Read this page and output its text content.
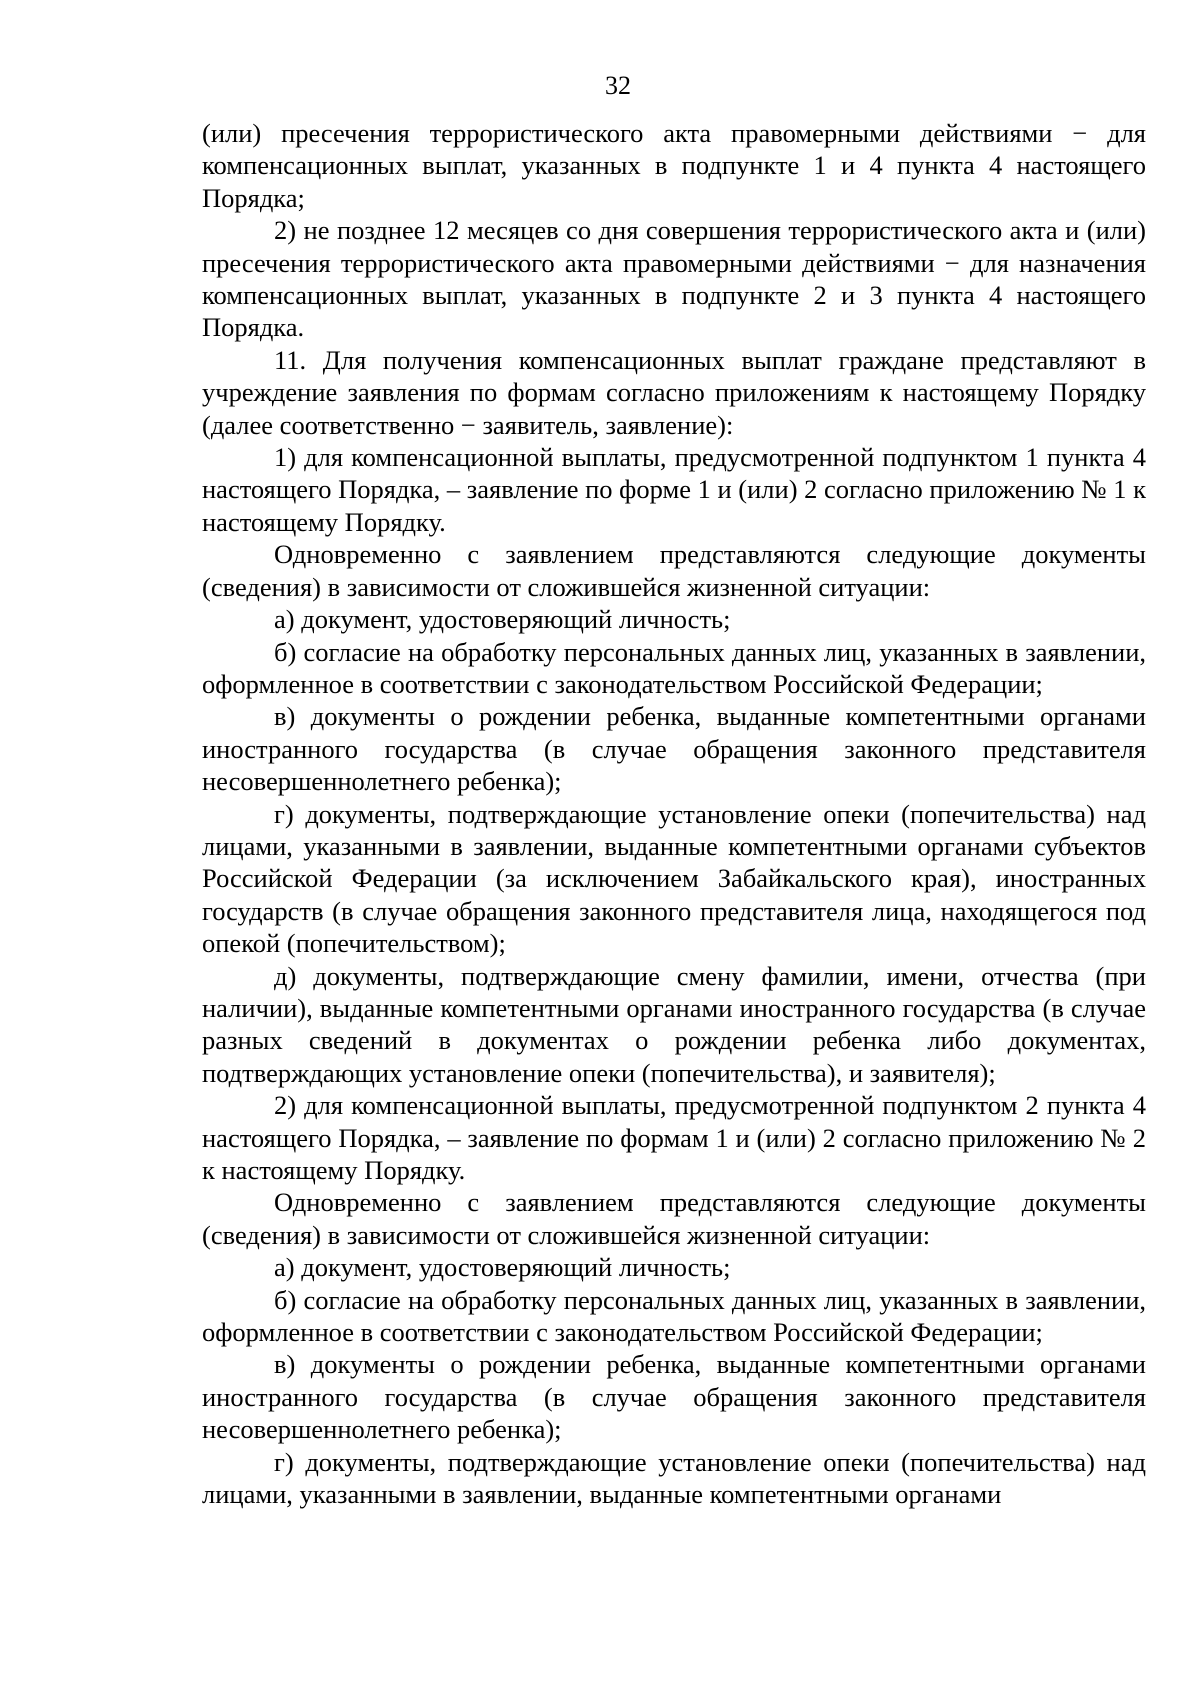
32

(или) пресечения террористического акта правомерными действиями − для компенсационных выплат, указанных в подпункте 1 и 4 пункта 4 настоящего Порядка;

2) не позднее 12 месяцев со дня совершения террористического акта и (или) пресечения террористического акта правомерными действиями − для назначения компенсационных выплат, указанных в подпункте 2 и 3 пункта 4 настоящего Порядка.

11. Для получения компенсационных выплат граждане представляют в учреждение заявления по формам согласно приложениям к настоящему Порядку (далее соответственно − заявитель, заявление):

1) для компенсационной выплаты, предусмотренной подпунктом 1 пункта 4 настоящего Порядка, – заявление по форме 1 и (или) 2 согласно приложению № 1 к настоящему Порядку.

Одновременно с заявлением представляются следующие документы (сведения) в зависимости от сложившейся жизненной ситуации:

а) документ, удостоверяющий личность;

б) согласие на обработку персональных данных лиц, указанных в заявлении, оформленное в соответствии с законодательством Российской Федерации;

в) документы о рождении ребенка, выданные компетентными органами иностранного государства (в случае обращения законного представителя несовершеннолетнего ребенка);

г) документы, подтверждающие установление опеки (попечительства) над лицами, указанными в заявлении, выданные компетентными органами субъектов Российской Федерации (за исключением Забайкальского края), иностранных государств (в случае обращения законного представителя лица, находящегося под опекой (попечительством);

д) документы, подтверждающие смену фамилии, имени, отчества (при наличии), выданные компетентными органами иностранного государства (в случае разных сведений в документах о рождении ребенка либо документах, подтверждающих установление опеки (попечительства), и заявителя);

2) для компенсационной выплаты, предусмотренной подпунктом 2 пункта 4 настоящего Порядка, – заявление по формам 1 и (или) 2 согласно приложению № 2 к настоящему Порядку.

Одновременно с заявлением представляются следующие документы (сведения) в зависимости от сложившейся жизненной ситуации:

а) документ, удостоверяющий личность;

б) согласие на обработку персональных данных лиц, указанных в заявлении, оформленное в соответствии с законодательством Российской Федерации;

в) документы о рождении ребенка, выданные компетентными органами иностранного государства (в случае обращения законного представителя несовершеннолетнего ребенка);

г) документы, подтверждающие установление опеки (попечительства) над лицами, указанными в заявлении, выданные компетентными органами
